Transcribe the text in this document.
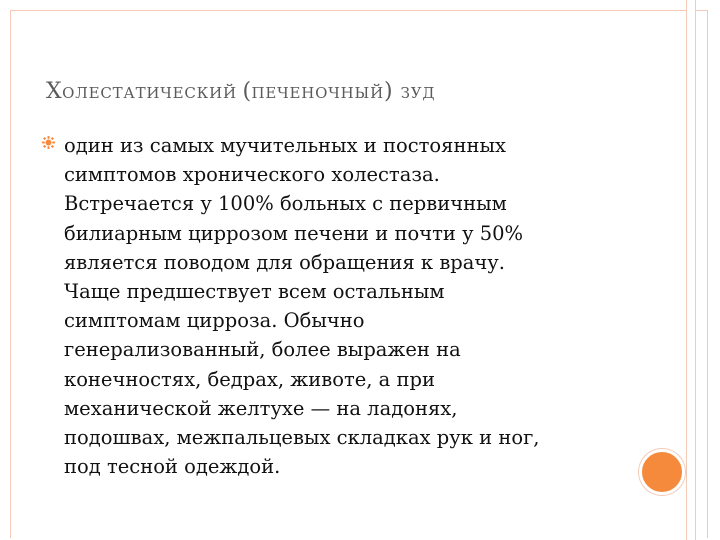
ХОЛЕСТАТИЧЕСКИЙ (ПЕЧЕНОЧНЫЙ) ЗУД

один из самых мучительных и постоянных
симптомов хронического холестаза.
Встречается у 100% больных с первичным
билиарным циррозом печени и почти у 50%
является поводом для обращения к врачу.
Чаще предшествует всем остальным
симптомам цирроза. Обычно
генерализованный, более выражен на
конечностях, бедрах, животе, а при
механической желтухе — на ладонях,
подошвах, межпальцевых складках рук и ног,
под тесной одеждой.
